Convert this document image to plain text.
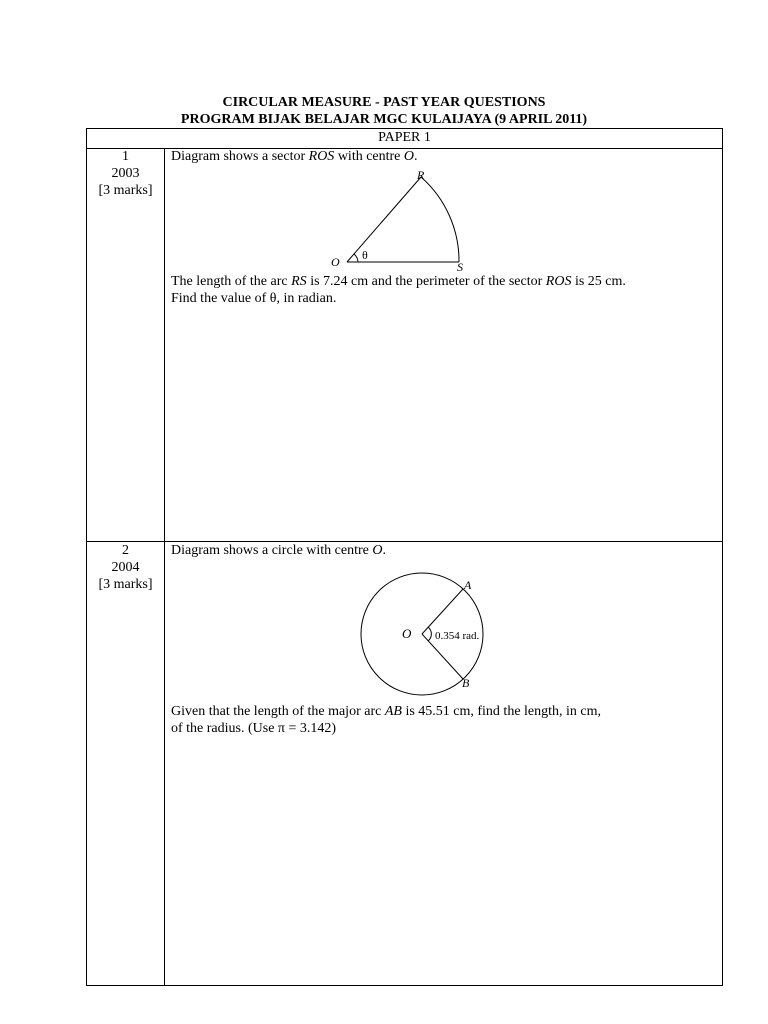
CIRCULAR MEASURE - PAST YEAR QUESTIONS
PROGRAM BIJAK BELAJAR MGC KULAIJAYA (9 APRIL 2011)
PAPER 1
1
2003
[3 marks]
Diagram shows a sector ROS with centre O.
O
R
S
θ
The length of the arc RS is 7.24 cm and the perimeter of the sector ROS is 25 cm.
Find the value of θ, in radian.
2
2004
[3 marks]
Diagram shows a circle with centre O.
O
A
B
0.354 rad.
Given that the length of the major arc AB is 45.51 cm, find the length, in cm,
of the radius. (Use π = 3.142)
